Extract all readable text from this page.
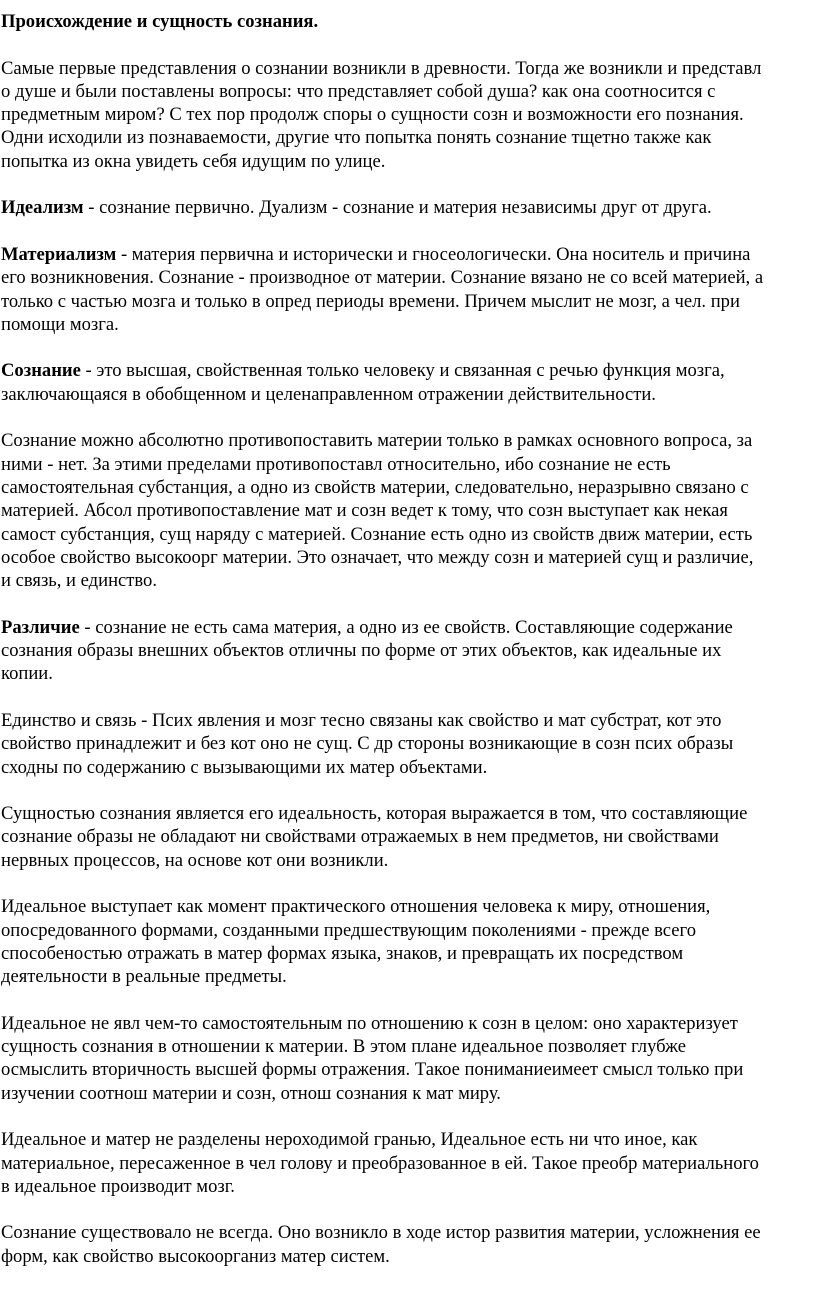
Происхождение и сущность сознания.
Самые первые представления о сознании возникли в древности. Тогда же возникли и представл
о душе и были поставлены вопросы: что представляет собой душа? как она соотносится с
предметным миром? С тех пор продолж споры о сущности созн и возможности его познания.
Одни исходили из познаваемости, другие что попытка понять сознание тщетно также как
попытка из окна увидеть себя идущим по улице.
Идеализм - сознание первично. Дуализм - сознание и материя независимы друг от друга.
Материализм - материя первична и исторически и гносеологически. Она носитель и причина
его возникновения. Сознание - производное от материи. Сознание вязано не со всей материей, а
только с частью мозга и только в опред периоды времени. Причем мыслит не мозг, а чел. при
помощи мозга.
Сознание - это высшая, свойственная только человеку и связанная с речью функция мозга,
заключающаяся в обобщенном и целенаправленном отражении действительности.
Сознание можно абсолютно противопоставить материи только в рамках основного вопроса, за
ними - нет. За этими пределами противопоставл относительно, ибо сознание не есть
самостоятельная субстанция, а одно из свойств материи, следовательно, неразрывно связано с
материей. Абсол противопоставление мат и созн ведет к тому, что созн выступает как некая
самост субстанция, сущ наряду с материей. Сознание есть одно из свойств движ материи, есть
особое свойство высокоорг материи. Это означает, что между созн и материей сущ и различие,
и связь, и единство.
Различие - сознание не есть сама материя, а одно из ее свойств. Составляющие содержание
сознания образы внешних объектов отличны по форме от этих объектов, как идеальные их
копии.
Единство и связь - Псих явления и мозг тесно связаны как свойство и мат субстрат, кот это
свойство принадлежит и без кот оно не сущ. С др стороны возникающие в созн псих образы
сходны по содержанию с вызывающими их матер объектами.
Сущностью сознания является его идеальность, которая выражается в том, что составляющие
сознание образы не обладают ни свойствами отражаемых в нем предметов, ни свойствами
нервных процессов, на основе кот они возникли.
Идеальное выступает как момент практического отношения человека к миру, отношения,
опосредованного формами, созданными предшествующим поколениями - прежде всего
способеностью отражать в матер формах языка, знаков, и превращать их посредством
деятельности в реальные предметы.
Идеальное не явл чем-то самостоятельным по отношению к созн в целом: оно характеризует
сущность сознания в отношении к материи. В этом плане идеальное позволяет глубже
осмыслить вторичность высшей формы отражения. Такое пониманиеимеет смысл только при
изучении соотнош материи и созн, отнош сознания к мат миру.
Идеальное и матер не разделены нероходимой гранью, Идеальное есть ни что иное, как
материальное, пересаженное в чел голову и преобразованное в ей. Такое преобр материального
в идеальное производит мозг.
Сознание существовало не всегда. Оно возникло в ходе истор развития материи, усложнения ее
форм, как свойство высокоорганиз матер систем.
